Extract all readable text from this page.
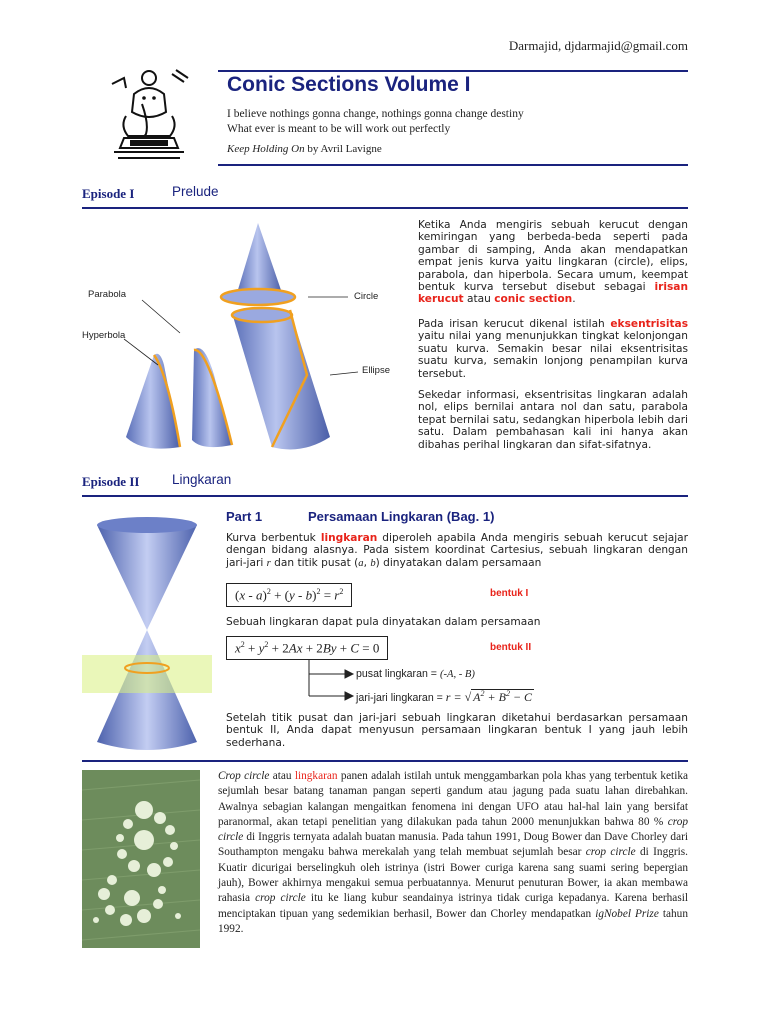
Darmajid, djdarmajid@gmail.com
Conic Sections Volume I
I believe nothings gonna change, nothings gonna change destiny
What ever is meant to be will work out perfectly
Keep Holding On by Avril Lavigne
Episode I	Prelude
Parabola
Hyperbola
Circle
Ellipse
Ketika Anda mengiris sebuah kerucut dengan kemiringan yang berbeda-beda seperti pada gambar di samping, Anda akan mendapatkan empat jenis kurva yaitu lingkaran (circle), elips, parabola, dan hiperbola. Secara umum, keempat bentuk kurva tersebut disebut sebagai irisan kerucut atau conic section.
Pada irisan kerucut dikenal istilah eksentrisitas yaitu nilai yang menunjukkan tingkat kelonjongan suatu kurva. Semakin besar nilai eksentrisitas suatu kurva, semakin lonjong penampilan kurva tersebut.
Sekedar informasi, eksentrisitas lingkaran adalah nol, elips bernilai antara nol dan satu, parabola tepat bernilai satu, sedangkan hiperbola lebih dari satu. Dalam pembahasan kali ini hanya akan dibahas perihal lingkaran dan sifat-sifatnya.
Episode II Lingkaran
Part 1	Persamaan Lingkaran (Bag. 1)
Kurva berbentuk lingkaran diperoleh apabila Anda mengiris sebuah kerucut sejajar dengan bidang alasnya. Pada sistem koordinat Cartesius, sebuah lingkaran dengan jari-jari r dan titik pusat (a, b) dinyatakan dalam persamaan
$(x - a)^2 + (y - b)^2 = r^2$	bentuk I
Sebuah lingkaran dapat pula dinyatakan dalam persamaan
$x^2 + y^2 + 2Ax + 2By + C = 0$	bentuk II
pusat lingkaran = (-A, - B)
jari-jari lingkaran = r = √ $A^2 + B^2 - C$
Setelah titik pusat dan jari-jari sebuah lingkaran diketahui berdasarkan persamaan bentuk II, Anda dapat menyusun persamaan lingkaran bentuk I yang jauh lebih sederhana.
Crop circle atau lingkaran panen adalah istilah untuk menggambarkan pola khas yang terbentuk ketika sejumlah besar batang tanaman pangan seperti gandum atau jagung pada suatu lahan direbahkan. Awalnya sebagian kalangan mengaitkan fenomena ini dengan UFO atau hal-hal lain yang bersifat paranormal, akan tetapi penelitian yang dilakukan pada tahun 2000 menunjukkan bahwa 80 % crop circle di Inggris ternyata adalah buatan manusia. Pada tahun 1991, Doug Bower dan Dave Chorley dari Southampton mengaku bahwa merekalah yang telah membuat sejumlah besar crop circle di Inggris. Kuatir dicurigai berselingkuh oleh istrinya (istri Bower curiga karena sang suami sering bepergian jauh), Bower akhirnya mengakui semua perbuatannya. Menurut penuturan Bower, ia akan membawa rahasia crop circle itu ke liang kubur seandainya istrinya tidak curiga kepadanya. Karena berhasil menciptakan tipuan yang sedemikian berhasil, Bower dan Chorley mendapatkan igNobel Prize tahun 1992.
